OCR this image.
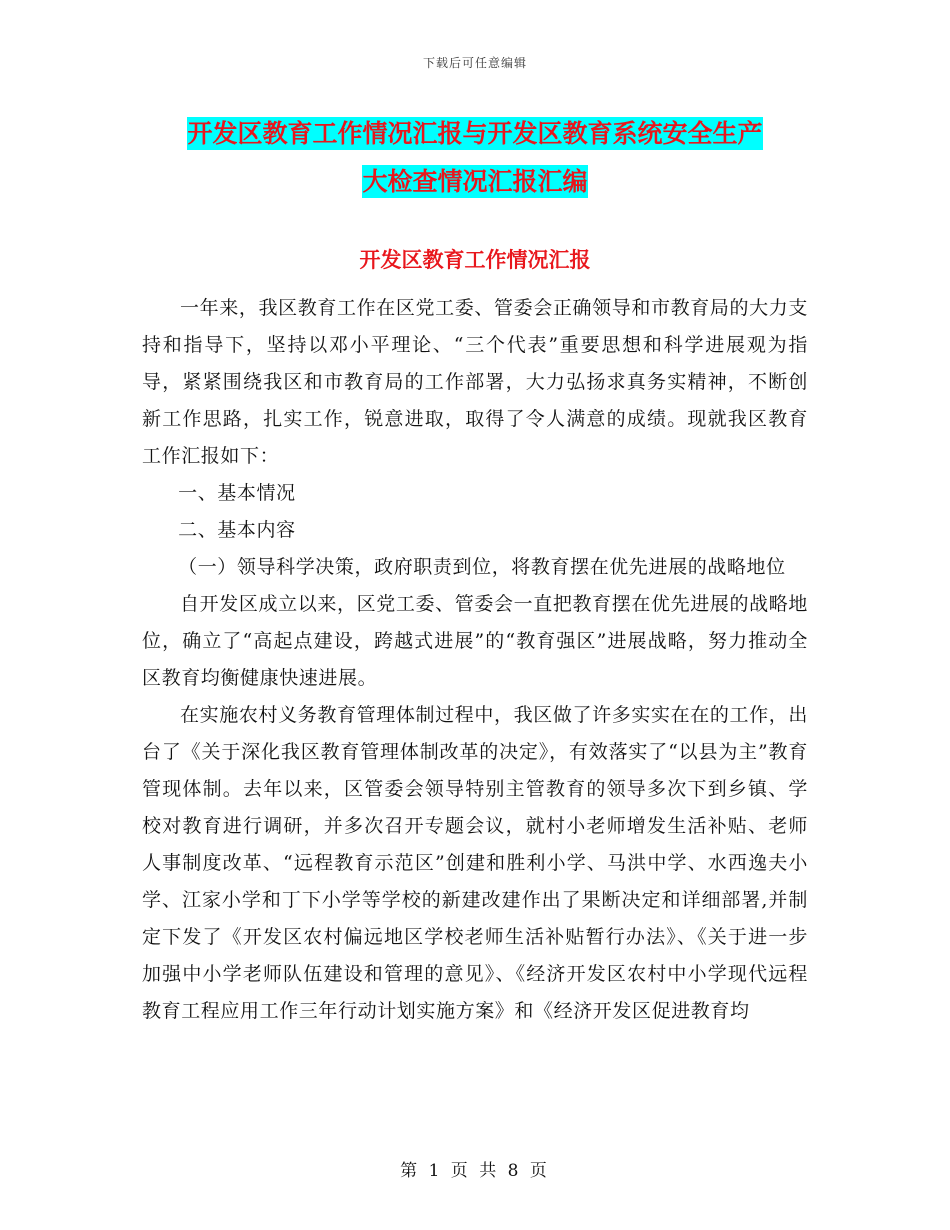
下载后可任意编辑
开发区教育工作情况汇报与开发区教育系统安全生产
大检查情况汇报汇编
开发区教育工作情况汇报

一年来，我区教育工作在区党工委、管委会正确领导和市教育局的大力支持和指导下，坚持以邓小平理论、“三个代表”重要思想和科学进展观为指导，紧紧围绕我区和市教育局的工作部署，大力弘扬求真务实精神，不断创新工作思路，扎实工作，锐意进取，取得了令人满意的成绩。现就我区教育工作汇报如下：

一、基本情况

二、基本内容

（一）领导科学决策，政府职责到位，将教育摆在优先进展的战略地位

自开发区成立以来，区党工委、管委会一直把教育摆在优先进展的战略地位，确立了“高起点建设，跨越式进展”的“教育强区”进展战略，努力推动全区教育均衡健康快速进展。

在实施农村义务教育管理体制过程中，我区做了许多实实在在的工作，出台了《关于深化我区教育管理体制改革的决定》，有效落实了“以县为主”教育管现体制。去年以来，区管委会领导特别主管教育的领导多次下到乡镇、学校对教育进行调研，并多次召开专题会议，就村小老师增发生活补贴、老师人事制度改革、“远程教育示范区”创建和胜利小学、马洪中学、水西逸夫小学、江家小学和丁下小学等学校的新建改建作出了果断决定和详细部署,并制定下发了《开发区农村偏远地区学校老师生活补贴暂行办法》、《关于进一步加强中小学老师队伍建设和管理的意见》、《经济开发区农村中小学现代远程教育工程应用工作三年行动计划实施方案》和《经济开发区促进教育均

第 1 页 共 8 页
